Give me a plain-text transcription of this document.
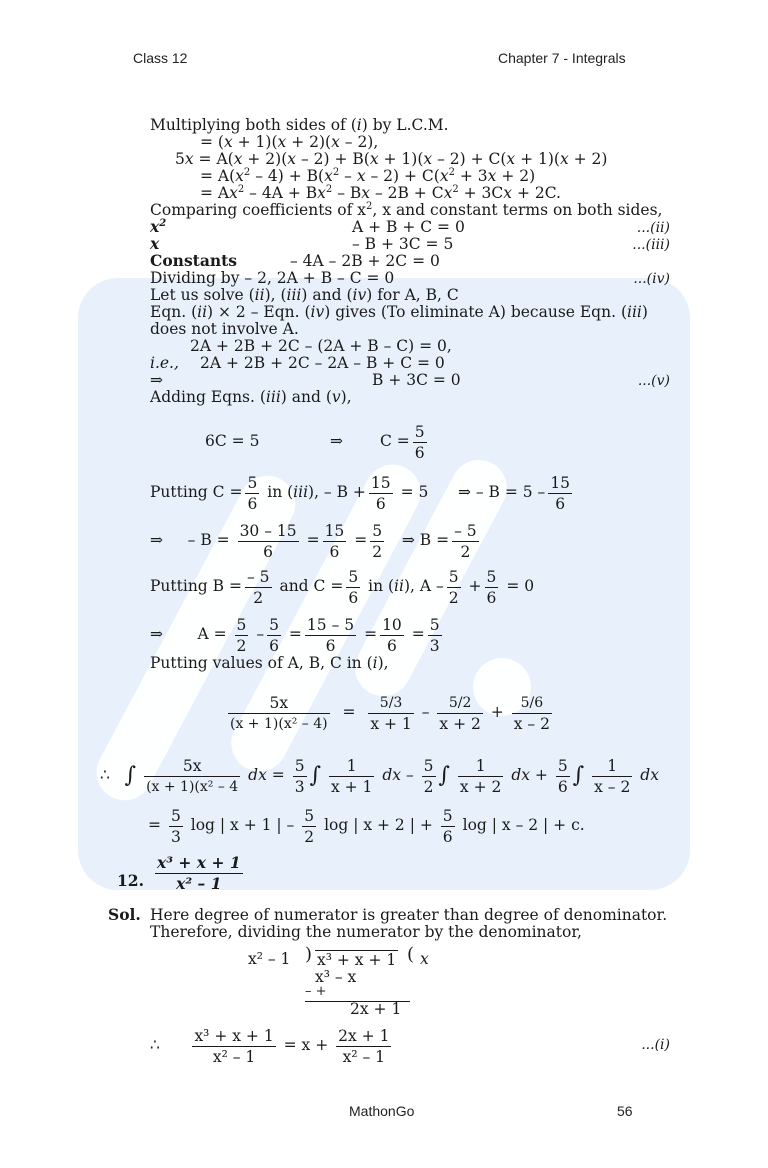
Class 12	Chapter 7 - Integrals
Multiplying both sides of (i) by L.C.M.
= (x + 1)(x + 2)(x – 2),
5x = A(x + 2)(x – 2) + B(x + 1)(x – 2) + C(x + 1)(x + 2)
= $A(x^2 - 4) + B(x^2 - x - 2) + C(x^2 + 3x + 2)$
= $Ax^2 - 4A + Bx^2 - Bx - 2B + Cx^2 + 3Cx + 2C$.
Comparing coefficients of $x^2$, x and constant terms on both sides,
$x^2$	A + B + C = 0	...(ii)
x	– B + 3C = 5	...(iii)
Constants	– 4A – 2B + 2C = 0
Dividing by – 2, 2A + B – C = 0	...(iv)
Let us solve (ii), (iii) and (iv) for A, B, C
Eqn. (ii) × 2 – Eqn. (iv) gives (To eliminate A) because Eqn. (iii)
does not involve A.
2A + 2B + 2C – (2A + B – C) = 0,
i.e., 2A + 2B + 2C – 2A – B + C = 0
⇒	B + 3C = 0	...(v)
Adding Eqns. (iii) and (v),
6C = 5	⇒ $C = \frac{5}{6}$
Putting $C = \frac{5}{6}$ in (iii), – $B + \frac{15}{6} = 5$ ⇒ – $B = 5 - \frac{15}{6}$
⇒ – $B = \frac{30 - 15}{6} = \frac{15}{6} = \frac{5}{2}$ ⇒ $B = \frac{- 5}{2}$
Putting $B = \frac{- 5}{2}$ and $C = \frac{5}{6}$ in (ii), $A - \frac{5}{2} + \frac{5}{6} = 0$
⇒ $A = \frac{5}{2} - \frac{5}{6} = \frac{15 - 5}{6} = \frac{10}{6} = \frac{5}{3}$
Putting values of A, B, C in (i),
$\frac{5x}{\text{(x + 1)(x² – 4)}} = \frac{5/3}{x + 1} - \frac{5/2}{x + 2} + \frac{5/6}{x - 2}$
∴ ∫ $\frac{5x}{\text{(x + 1)(x² – 4}}$ dx = $\frac{5}{3}$ ∫ $\frac{1}{x + 1}$ dx – $\frac{5}{2}$ ∫ $\frac{1}{x + 2}$ dx + $\frac{5}{6}$ ∫ $\frac{1}{x - 2}$ dx
= $\frac{5}{3}$ log | x + 1 | – $\frac{5}{2}$ log | x + 2 | + $\frac{5}{6}$ log | x – 2 | + c.
12. $\frac{\text{x³ + x + 1}}{\text{x² – 1}}$
Sol. Here degree of numerator is greater than degree of denominator.
Therefore, dividing the numerator by the denominator,
x² – 1 ) x³ + x + 1 ( x
x³ – x
– +
2x + 1
∴ $\frac{\text{x³ + x + 1}}{\text{x² – 1}} = x + \frac{2x + 1}{\text{x² – 1}}$	...(i)
MathonGo	56
